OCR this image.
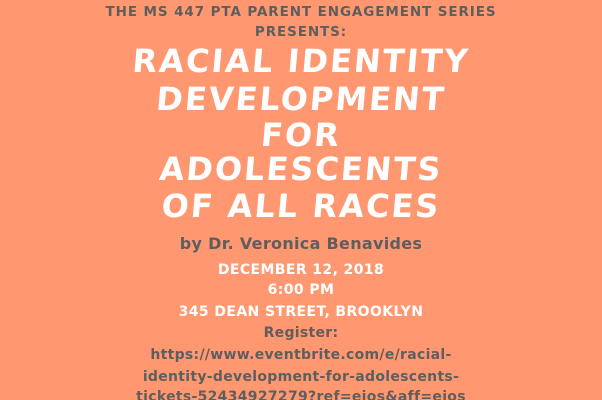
THE MS 447 PTA PARENT ENGAGEMENT SERIES
PRESENTS:
RACIAL IDENTITY
DEVELOPMENT
FOR
ADOLESCENTS
OF ALL RACES
by Dr. Veronica Benavides
DECEMBER 12, 2018
6:00 PM
345 DEAN STREET, BROOKLYN
Register:
https://www.eventbrite.com/e/racial-
identity-development-for-adolescents-
tickets-52434927279?ref=eios&aff=eios
